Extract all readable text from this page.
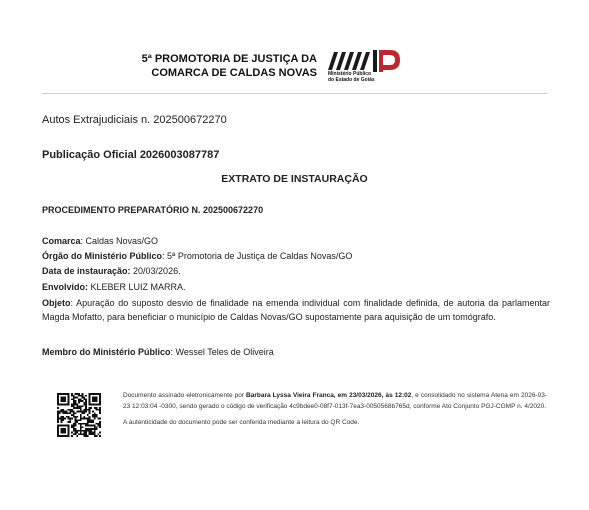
5ª PROMOTORIA DE JUSTIÇA DA
COMARCA DE CALDAS NOVAS Ministério Público
do Estado de Goiás
Autos Extrajudiciais n. 202500672270
Publicação Oficial 2026003087787
EXTRATO DE INSTAURAÇÃO
PROCEDIMENTO PREPARATÓRIO N. 202500672270
Comarca: Caldas Novas/GO
Órgão do Ministério Público: 5ª Promotoria de Justiça de Caldas Novas/GO
Data de instauração: 20/03/2026.
Envolvido: KLEBER LUIZ MARRA.
Objeto: Apuração do suposto desvio de finalidade na emenda individual com finalidade definida, de autoria da parlamentar Magda Mofatto, para beneficiar o município de Caldas Novas/GO supostamente para aquisição de um tomógrafo.
Membro do Ministério Público: Wessel Teles de Oliveira
Documento assinado eletronicamente por Barbara Lyssa Vieira Franca, em 23/03/2026, às 12:02, e consolidado no sistema Atena em 2026-03-23 12:03:04 -0300, sendo gerado o código de verificação 4c9bdee0-08f7-013f-7ea3-0050568b765d, conforme Ato Conjunto PGJ-CGMP n. 4/2020.
A autenticidade do documento pode ser conferida mediante a leitura do QR Code.
